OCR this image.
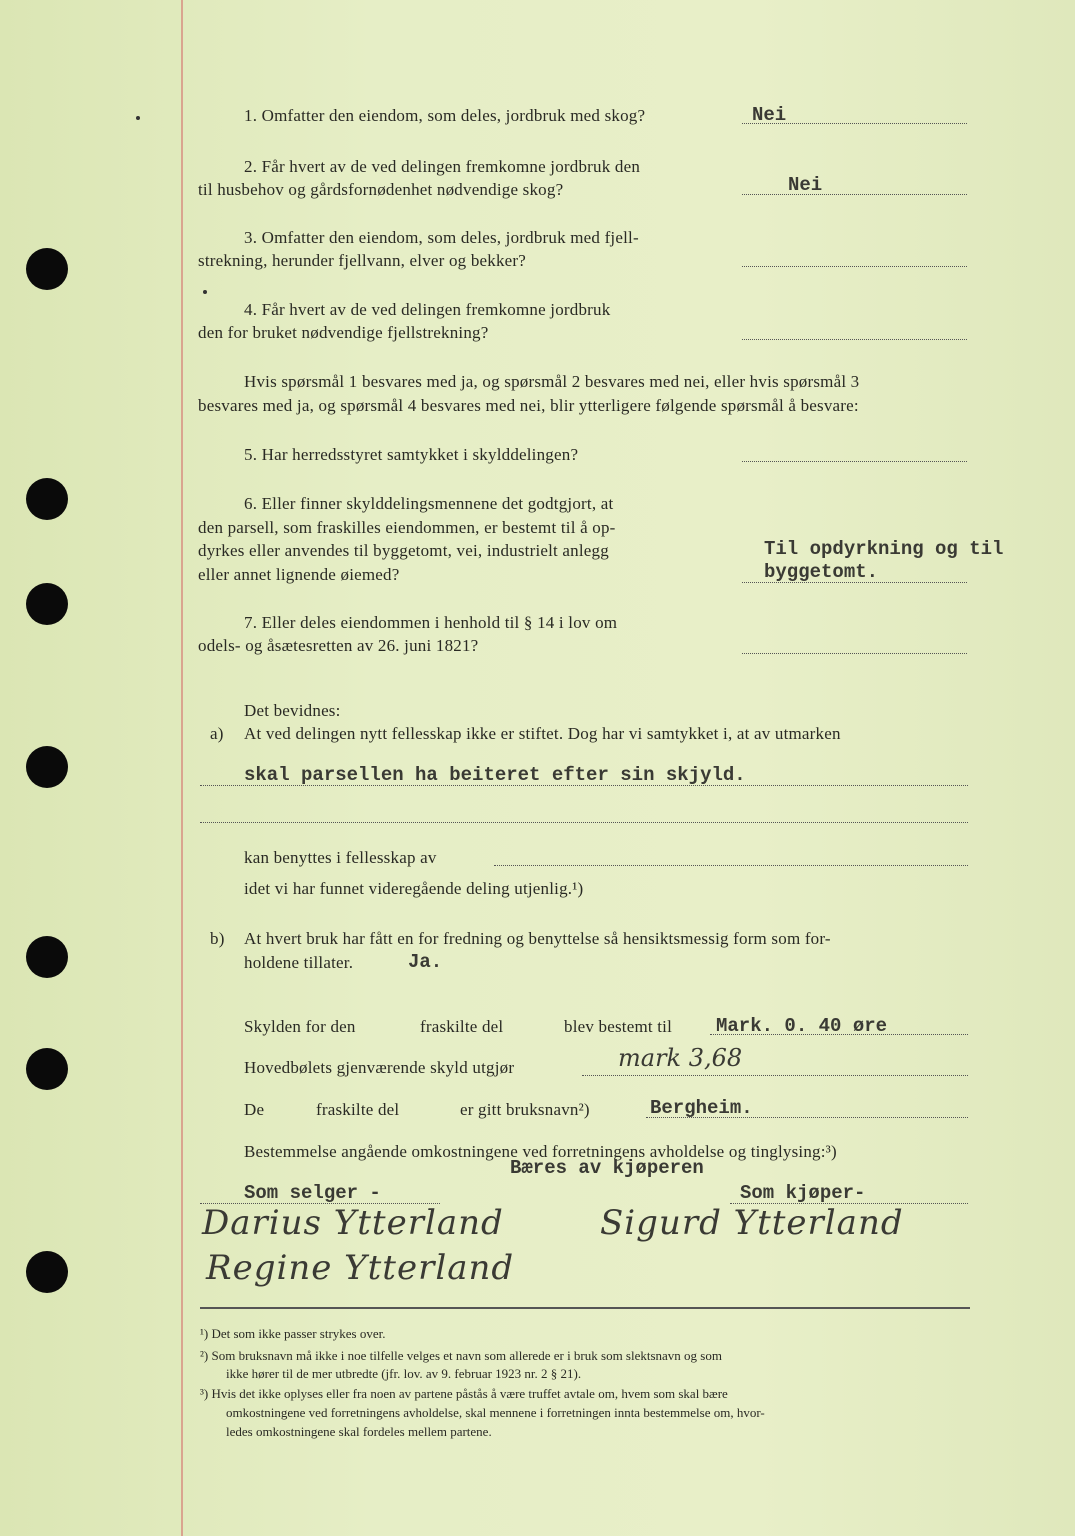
1. Omfatter den eiendom, som deles, jordbruk med skog?	Nei
2. Får hvert av de ved delingen fremkomne jordbruk den
til husbehov og gårdsfornødenhet nødvendige skog?	Nei
3. Omfatter den eiendom, som deles, jordbruk med fjell-
strekning, herunder fjellvann, elver og bekker?
4. Får hvert av de ved delingen fremkomne jordbruk
den for bruket nødvendige fjellstrekning?
Hvis spørsmål 1 besvares med ja, og spørsmål 2 besvares med nei, eller hvis spørsmål 3
besvares med ja, og spørsmål 4 besvares med nei, blir ytterligere følgende spørsmål å besvare:
5. Har herredsstyret samtykket i skylddelingen?
6. Eller finner skylddelingsmennene det godtgjort, at
den parsell, som fraskilles eiendommen, er bestemt til å op-
dyrkes eller anvendes til byggetomt, vei, industrielt anlegg
eller annet lignende øiemed?
Til opdyrkning og til
byggetomt.
7. Eller deles eiendommen i henhold til § 14 i lov om
odels- og åsætesretten av 26. juni 1821?
Det bevidnes:
a) At ved delingen nytt fellesskap ikke er stiftet. Dog har vi samtykket i, at av utmarken
skal parsellen ha beiteret efter sin skjyld.
kan benyttes i fellesskap av
idet vi har funnet videregående deling utjenlig.¹)
b) At hvert bruk har fått en for fredning og benyttelse så hensiktsmessig form som for-
holdene tillater.	Ja.
Skylden for den	fraskilte del	blev bestemt til Mark. 0. 40 øre
Hovedbølets gjenværende skyld utgjør	mark 3,68
De	fraskilte del	er gitt bruksnavn²)	Bergheim.
Bestemmelse angående omkostningene ved forretningens avholdelse og tinglysing:³)
Bæres av kjøperen
Som selger -	Som kjøper-
Darius Ytterland	Sigurd Ytterland
Regine Ytterland
¹) Det som ikke passer strykes over.
²) Som bruksnavn må ikke i noe tilfelle velges et navn som allerede er i bruk som slektsnavn og som
ikke hører til de mer utbredte (jfr. lov. av 9. februar 1923 nr. 2 § 21).
³) Hvis det ikke oplyses eller fra noen av partene påstås å være truffet avtale om, hvem som skal bære
omkostningene ved forretningens avholdelse, skal mennene i forretningen innta bestemmelse om, hvor-
ledes omkostningene skal fordeles mellem partene.
